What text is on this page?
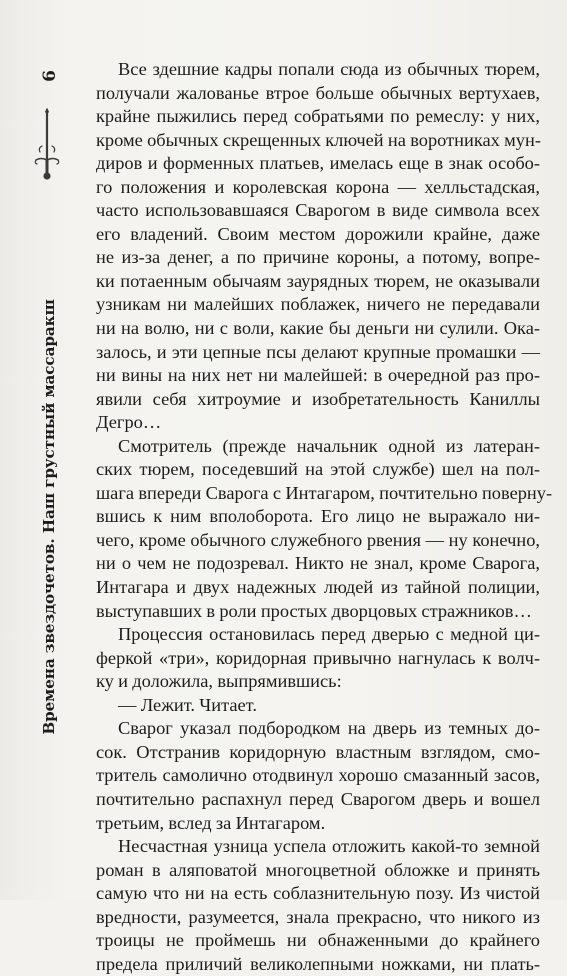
6
Времена звездочетов. Наш грустный массаракш
Все здешние кадры попали сюда из обычных тюрем,
получали жалованье втрое больше обычных вертухаев,
крайне пыжились перед собратьями по ремеслу: у них,
кроме обычных скрещенных ключей на воротниках мун-
диров и форменных платьев, имелась еще в знак особо-
го положения и королевская корона — хелльстадская,
часто использовавшаяся Сварогом в виде символа всех
его владений. Своим местом дорожили крайне, даже
не из-за денег, а по причине короны, а потому, вопре-
ки потаенным обычаям заурядных тюрем, не оказывали
узникам ни малейших поблажек, ничего не передавали
ни на волю, ни с воли, какие бы деньги ни сулили. Ока-
залось, и эти цепные псы делают крупные промашки —
ни вины на них нет ни малейшей: в очередной раз про-
явили себя хитроумие и изобретательность Каниллы
Дегро…
Смотритель (прежде начальник одной из латеран-
ских тюрем, поседевший на этой службе) шел на пол-
шага впереди Сварога с Интагаром, почтительно поверну-
вшись к ним вполоборота. Его лицо не выражало ни-
чего, кроме обычного служебного рвения — ну конечно,
ни о чем не подозревал. Никто не знал, кроме Сварога,
Интагара и двух надежных людей из тайной полиции,
выступавших в роли простых дворцовых стражников…
Процессия остановилась перед дверью с медной ци-
феркой «три», коридорная привычно нагнулась к волч-
ку и доложила, выпрямившись:
— Лежит. Читает.
Сварог указал подбородком на дверь из темных до-
сок. Отстранив коридорную властным взглядом, смо-
тритель самолично отодвинул хорошо смазанный засов,
почтительно распахнул перед Сварогом дверь и вошел
третьим, вслед за Интагаром.
Несчастная узница успела отложить какой-то земной
роман в аляповатой многоцветной обложке и принять
самую что ни на есть соблазнительную позу. Из чистой
вредности, разумеется, знала прекрасно, что никого из
троицы не проймешь ни обнаженными до крайнего
предела приличий великолепными ножками, ни плать-
